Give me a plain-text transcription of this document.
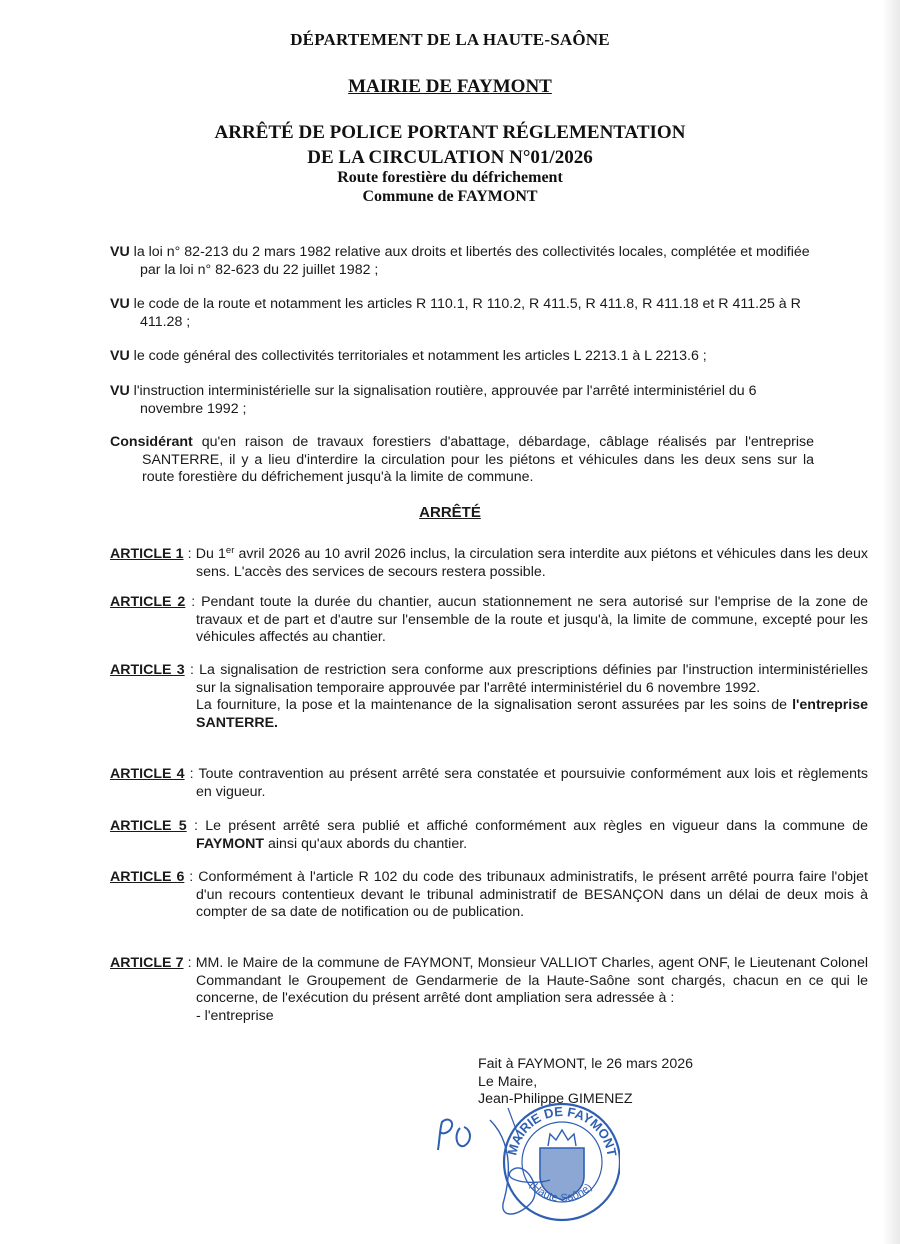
DÉPARTEMENT DE LA HAUTE-SAÔNE
MAIRIE DE FAYMONT
ARRÊTÉ DE POLICE PORTANT RÉGLEMENTATION
DE LA CIRCULATION N°01/2026
Route forestière du défrichement
Commune de FAYMONT
VU la loi n° 82-213 du 2 mars 1982 relative aux droits et libertés des collectivités locales, complétée et modifiée par la loi n° 82-623 du 22 juillet 1982 ;
VU le code de la route et notamment les articles R 110.1, R 110.2, R 411.5, R 411.8, R 411.18 et R 411.25 à R 411.28 ;
VU le code général des collectivités territoriales et notamment les articles L 2213.1 à L 2213.6 ;
VU l'instruction interministérielle sur la signalisation routière, approuvée par l'arrêté interministériel du 6 novembre 1992 ;
Considérant qu'en raison de travaux forestiers d'abattage, débardage, câblage réalisés par l'entreprise SANTERRE, il y a lieu d'interdire la circulation pour les piétons et véhicules dans les deux sens sur la route forestière du défrichement jusqu'à la limite de commune.
ARRÊTÉ
ARTICLE 1 : Du 1er avril 2026 au 10 avril 2026 inclus, la circulation sera interdite aux piétons et véhicules dans les deux sens. L'accès des services de secours restera possible.
ARTICLE 2 : Pendant toute la durée du chantier, aucun stationnement ne sera autorisé sur l'emprise de la zone de travaux et de part et d'autre sur l'ensemble de la route et jusqu'à, la limite de commune, excepté pour les véhicules affectés au chantier.
ARTICLE 3 : La signalisation de restriction sera conforme aux prescriptions définies par l'instruction interministérielles sur la signalisation temporaire approuvée par l'arrêté interministériel du 6 novembre 1992.
La fourniture, la pose et la maintenance de la signalisation seront assurées par les soins de l'entreprise SANTERRE.
ARTICLE 4 : Toute contravention au présent arrêté sera constatée et poursuivie conformément aux lois et règlements en vigueur.
ARTICLE 5 : Le présent arrêté sera publié et affiché conformément aux règles en vigueur dans la commune de FAYMONT ainsi qu'aux abords du chantier.
ARTICLE 6 : Conformément à l'article R 102 du code des tribunaux administratifs, le présent arrêté pourra faire l'objet d'un recours contentieux devant le tribunal administratif de BESANÇON dans un délai de deux mois à compter de sa date de notification ou de publication.
ARTICLE 7 : MM. le Maire de la commune de FAYMONT, Monsieur VALLIOT Charles, agent ONF, le Lieutenant Colonel Commandant le Groupement de Gendarmerie de la Haute-Saône sont chargés, chacun en ce qui le concerne, de l'exécution du présent arrêté dont ampliation sera adressée à :
- l'entreprise
Fait à FAYMONT, le 26 mars 2026
Le Maire,
Jean-Philippe GIMENEZ
MAIRIE DE FAYMONT
(Haute-Saône)
